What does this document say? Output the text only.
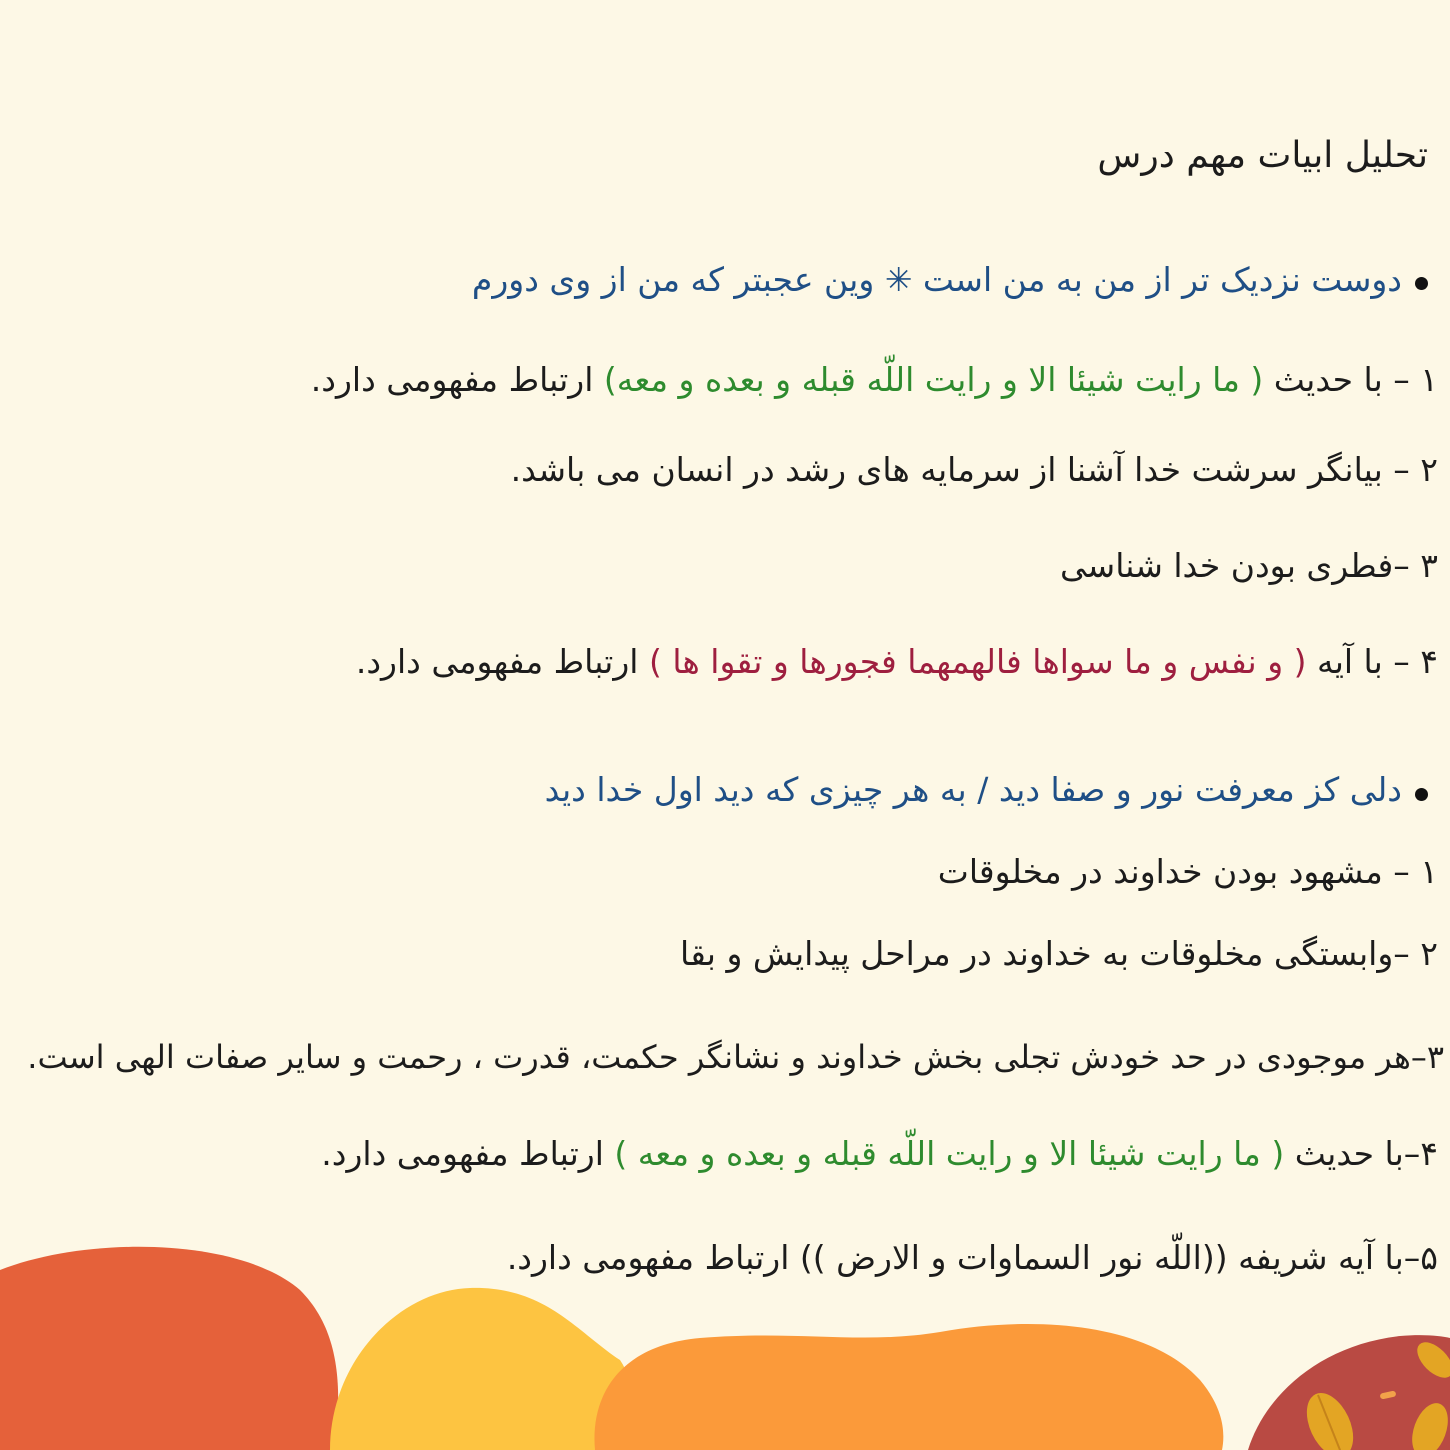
تحلیل ابیات مهم درس
دوست نزدیک تر از من به من است ✳ وین عجبتر که من از وی دورم
۱ – با حدیث ( ما رایت شیئا الا و رایت اللّه قبله و بعده و معه) ارتباط مفهومی دارد.
۲ – بیانگر سرشت خدا آشنا از سرمایه های رشد در انسان می باشد.
۳ –فطری بودن خدا شناسی
۴ – با آیه ( و نفس و ما سواها فالهمهما فجورها و تقوا ها ) ارتباط مفهومی دارد.
دلی کز معرفت نور و صفا دید / به هر چیزی که دید اول خدا دید
۱ – مشهود بودن خداوند در مخلوقات
۲ –وابستگی مخلوقات به خداوند در مراحل پیدایش و بقا
۳–هر موجودی در حد خودش تجلی بخش خداوند و نشانگر حکمت، قدرت ، رحمت و سایر صفات الهی است.
۴–با حدیث ( ما رایت شیئا الا و رایت اللّه قبله و بعده و معه ) ارتباط مفهومی دارد.
۵–با آیه شریفه ((اللّه نور السماوات و الارض )) ارتباط مفهومی دارد.
